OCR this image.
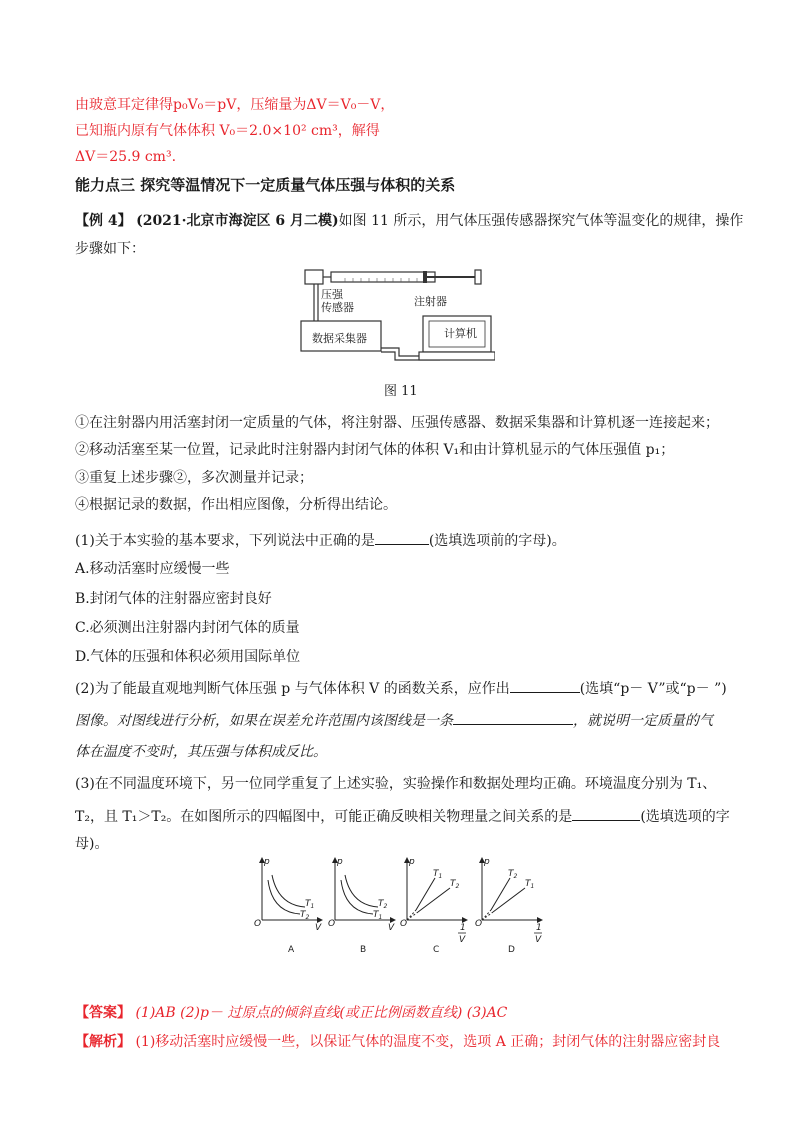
由玻意耳定律得p₀V₀＝pV，压缩量为ΔV＝V₀－V，
已知瓶内原有气体体积 V₀＝2.0×10² cm³，解得
ΔV＝25.9 cm³.
能力点三 探究等温情况下一定质量气体压强与体积的关系
【例 4】 (2021·北京市海淀区 6 月二模)如图 11 所示，用气体压强传感器探究气体等温变化的规律，操作
步骤如下：
压强
传感器	注射器
数据采集器	计算机
图 11
①在注射器内用活塞封闭一定质量的气体，将注射器、压强传感器、数据采集器和计算机逐一连接起来；
②移动活塞至某一位置，记录此时注射器内封闭气体的体积 V₁和由计算机显示的气体压强值 p₁；
③重复上述步骤②，多次测量并记录；
④根据记录的数据，作出相应图像，分析得出结论。
(1)关于本实验的基本要求，下列说法中正确的是	(选填选项前的字母)。
A.移动活塞时应缓慢一些
B.封闭气体的注射器应密封良好
C.必须测出注射器内封闭气体的质量
D.气体的压强和体积必须用国际单位
(2)为了能最直观地判断气体压强 p 与气体体积 V 的函数关系，应作出	(选填“p－ V”或“p－ ”)
图像。对图线进行分析，如果在误差允许范围内该图线是一条	，就说明一定质量的气
体在温度不变时，其压强与体积成反比。
(3)在不同温度环境下，另一位同学重复了上述实验，实验操作和数据处理均正确。环境温度分别为 T₁、
T₂，且 T₁＞T₂。在如图所示的四幅图中，可能正确反映相关物理量之间关系的是	(选填选项的字
母)。
O
p
V
$T_1$
$T_2$
A
O
p
V
$T_2$
$T_1$
B
O
p
$T_1$
$T_2$
1
V
C
O
p
$T_2$
$T_1$
1
V
D
【答案】 (1)AB (2)p－ 过原点的倾斜直线(或正比例函数直线) (3)AC
【解析】 (1)移动活塞时应缓慢一些，以保证气体的温度不变，选项 A 正确；封闭气体的注射器应密封良
